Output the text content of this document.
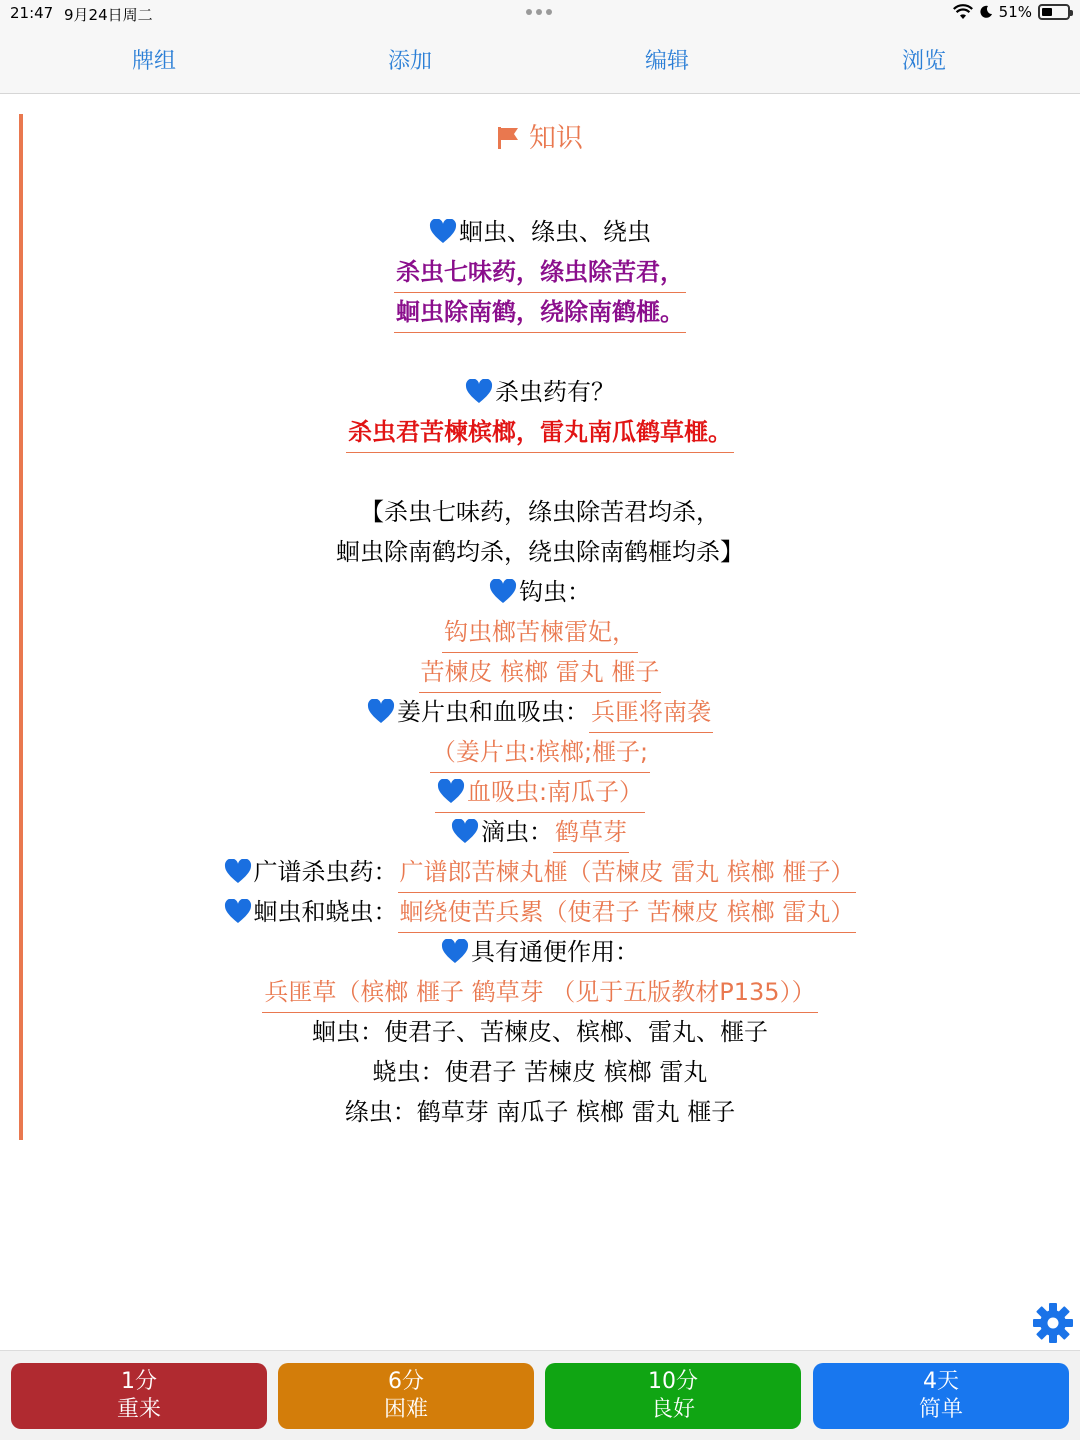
21:47 9月24日周二	51%
牌组	添加	编辑	浏览
知识
蛔虫、绦虫、绕虫
杀虫七味药，绦虫除苦君，
蛔虫除南鹤，绕除南鹤榧。
杀虫药有？
杀虫君苦楝槟榔，雷丸南瓜鹤草榧。
【杀虫七味药，绦虫除苦君均杀，
蛔虫除南鹤均杀，绕虫除南鹤榧均杀】
钩虫：
钩虫榔苦楝雷妃，
苦楝皮 槟榔 雷丸 榧子
姜片虫和血吸虫：兵匪将南袭
（姜片虫:槟榔;榧子;
血吸虫:南瓜子）
滴虫：鹤草芽
广谱杀虫药：广谱郎苦楝丸榧（苦楝皮 雷丸 槟榔 榧子）
蛔虫和蛲虫：蛔绕使苦兵累（使君子 苦楝皮 槟榔 雷丸）
具有通便作用：
兵匪草（槟榔 榧子 鹤草芽 （见于五版教材P135））
蛔虫：使君子、苦楝皮、槟榔、雷丸、榧子
蛲虫：使君子 苦楝皮 槟榔 雷丸
绦虫：鹤草芽 南瓜子 槟榔 雷丸 榧子
1分
重来
6分
困难
10分
良好
4天
简单
